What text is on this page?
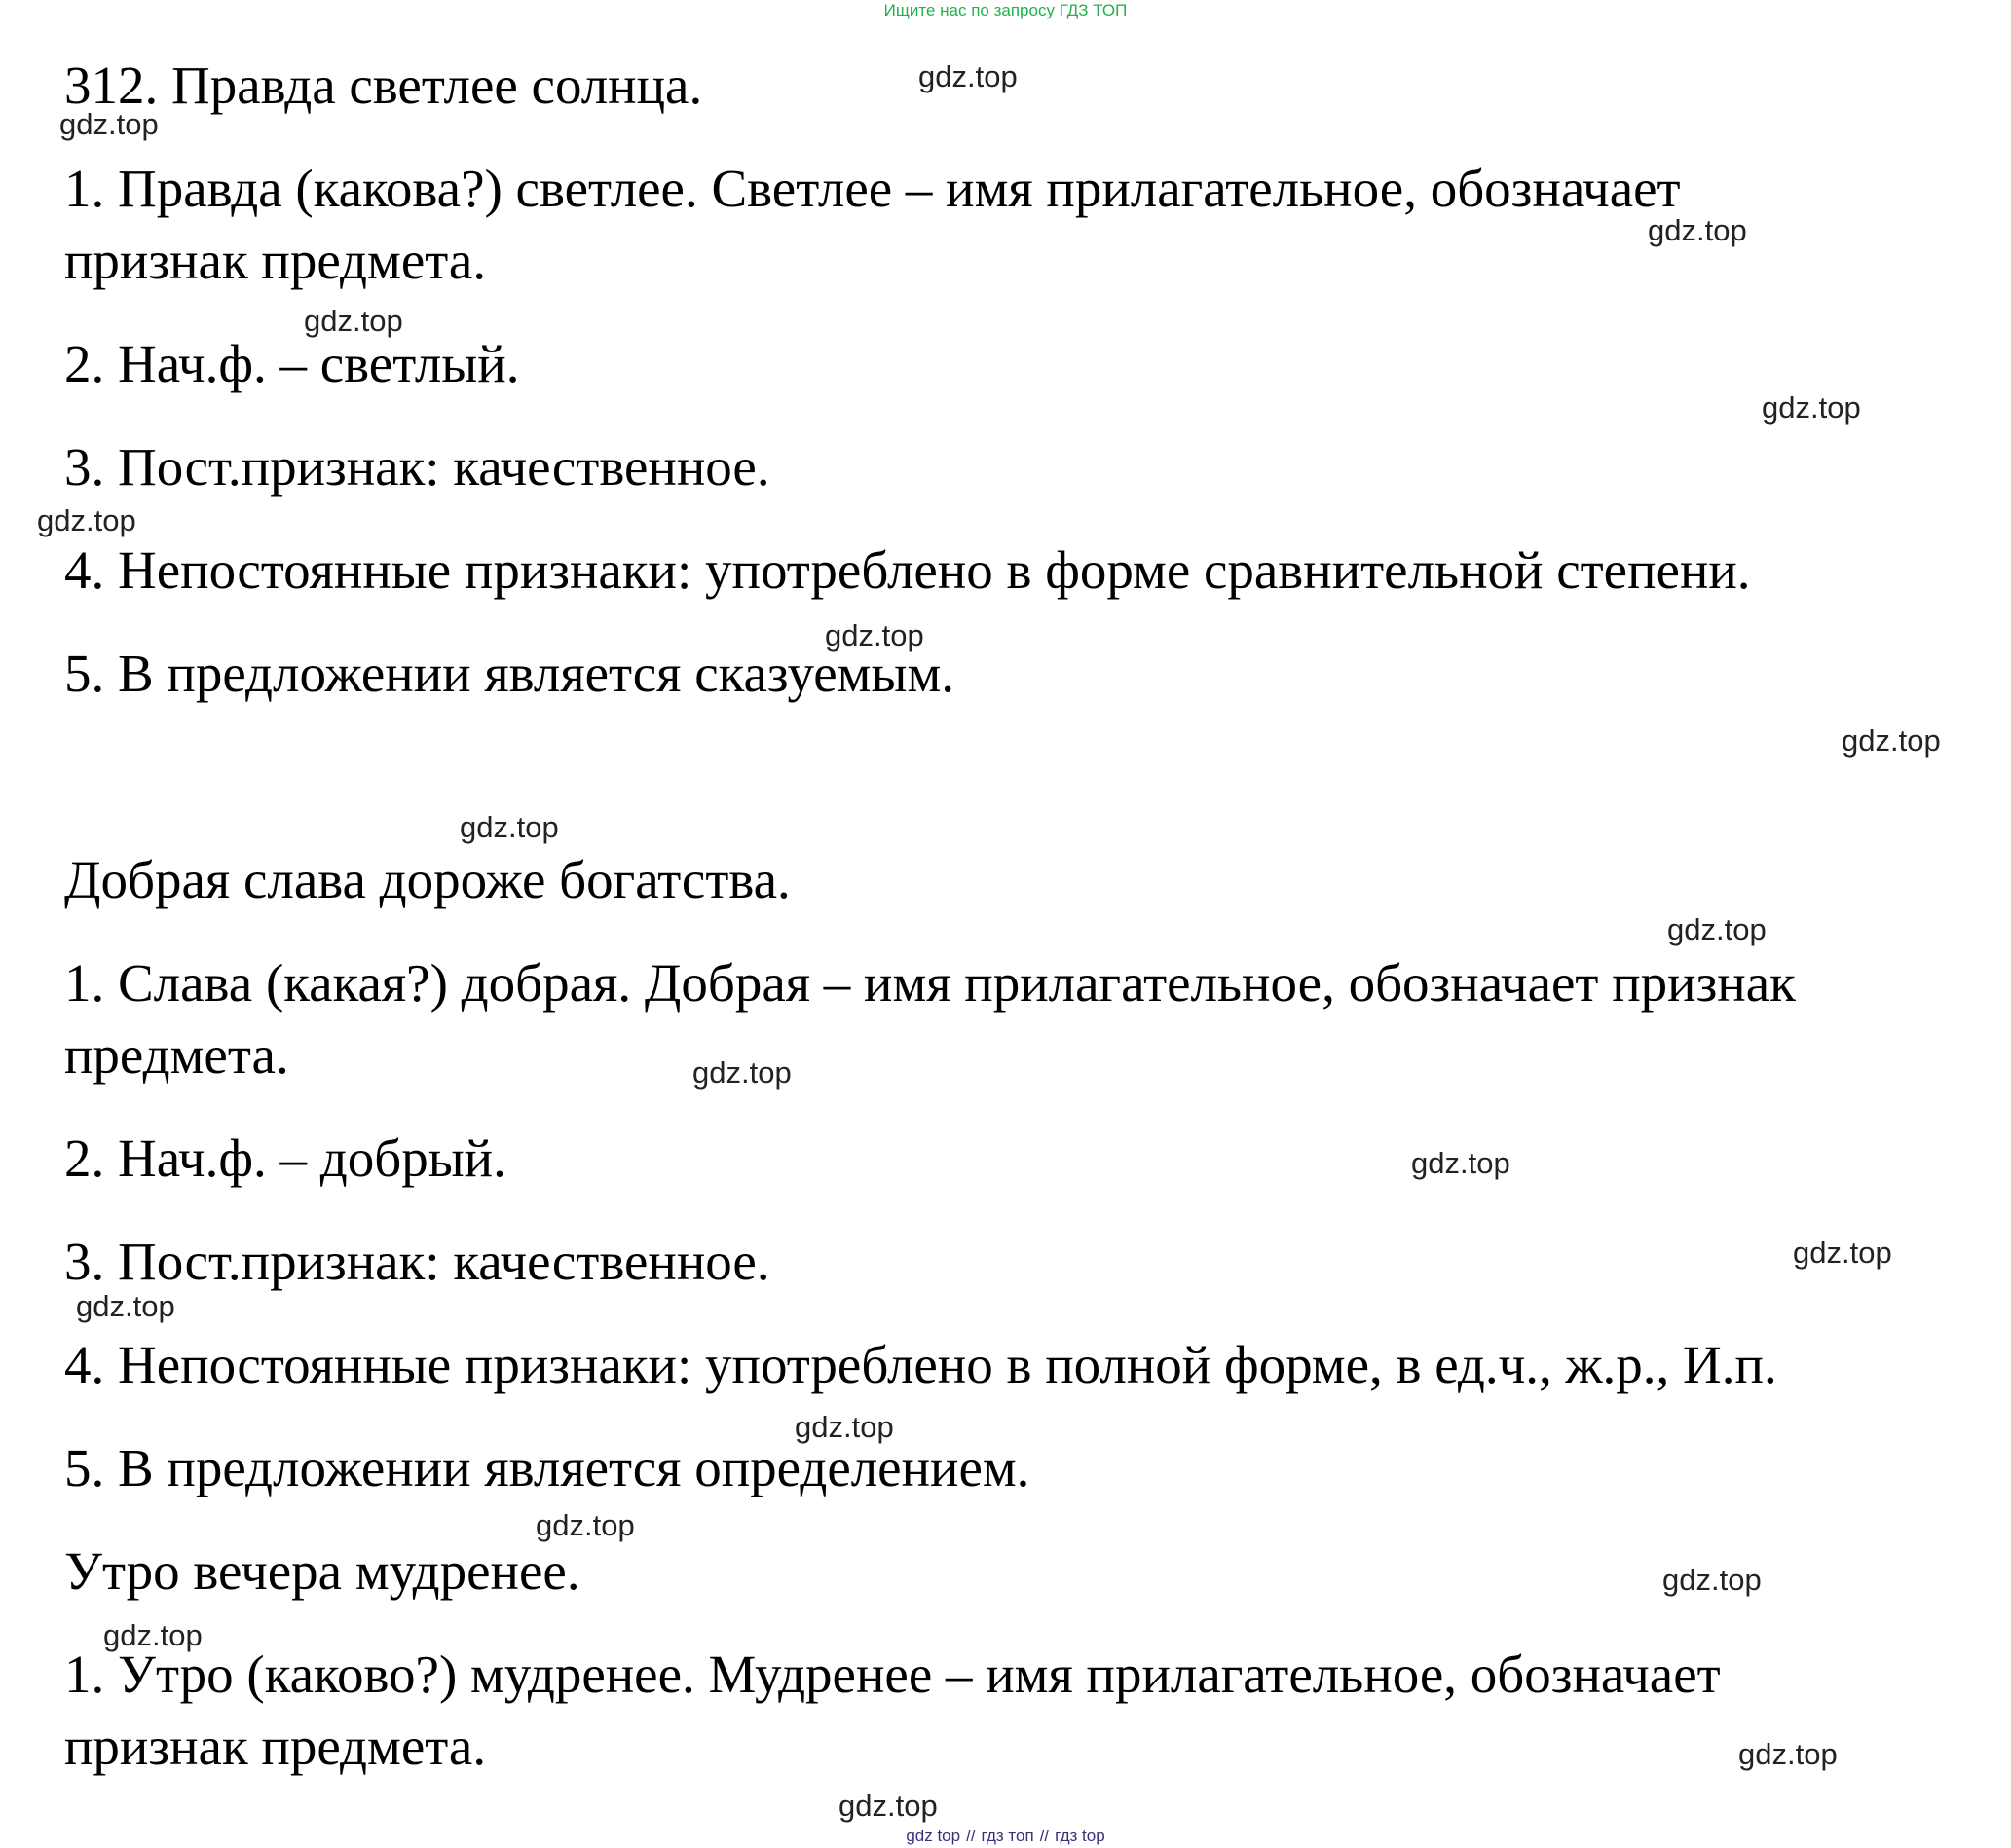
Ищите нас по запросу ГДЗ ТОП
312. Правда светлее солнца.
1. Правда (какова?) светлее. Светлее – имя прилагательное, обозначает
признак предмета.
2. Нач.ф. – светлый.
3. Пост.признак: качественное.
4. Непостоянные признаки: употреблено в форме сравнительной степени.
5. В предложении является сказуемым.
Добрая слава дороже богатства.
1. Слава (какая?) добрая. Добрая – имя прилагательное, обозначает признак
предмета.
2. Нач.ф. – добрый.
3. Пост.признак: качественное.
4. Непостоянные признаки: употреблено в полной форме, в ед.ч., ж.р., И.п.
5. В предложении является определением.
Утро вечера мудренее.
1. Утро (каково?) мудренее. Мудренее – имя прилагательное, обозначает
признак предмета.
gdz.top
gdz.top
gdz.top
gdz.top
gdz.top
gdz.top
gdz.top
gdz.top
gdz.top
gdz.top
gdz.top
gdz.top
gdz.top
gdz.top
gdz.top
gdz.top
gdz.top
gdz.top
gdz.top
gdz.top
gdz top // гдз топ // гдз top
